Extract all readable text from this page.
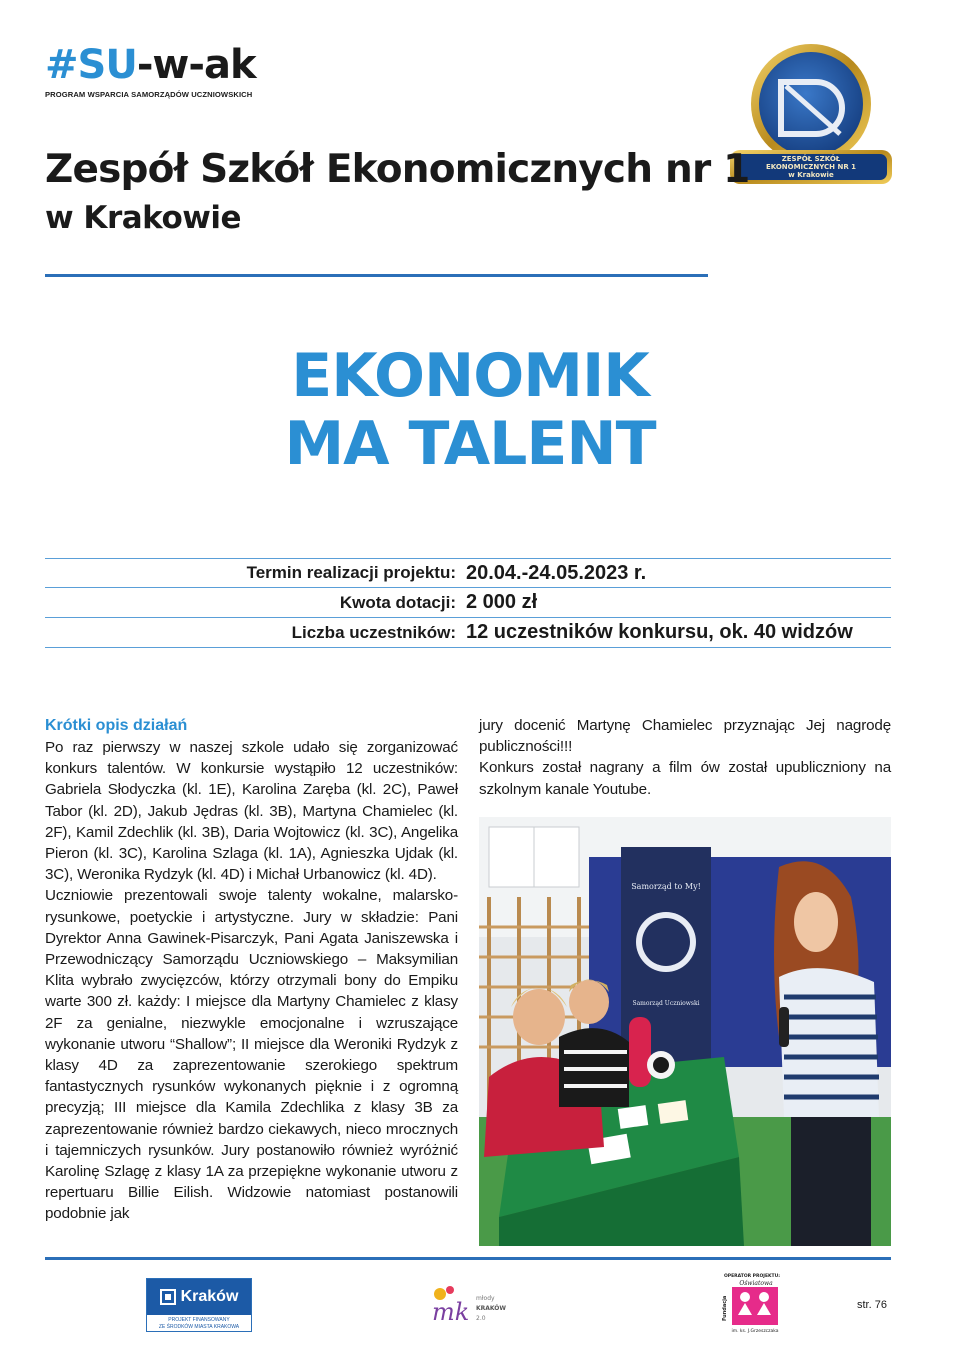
#SU-w-ak
PROGRAM WSPARCIA SAMORZĄDÓW UCZNIOWSKICH
ZESPÓŁ SZKÓŁ
EKONOMICZNYCH NR 1
w Krakowie
Zespół Szkół Ekonomicznych nr 1
w Krakowie
EKONOMIK
MA TALENT
Termin realizacji projektu: 20.04.-24.05.2023 r.
Kwota dotacji: 2 000 zł
Liczba uczestników: 12 uczestników konkursu, ok. 40 widzów
Krótki opis działań

Po raz pierwszy w naszej szkole udało się zorganizować konkurs talentów. W konkursie wystąpiło 12 uczestników: Gabriela Słodyczka (kl. 1E), Karolina Zaręba (kl. 2C), Paweł Tabor (kl. 2D), Jakub Jędras (kl. 3B), Martyna Chamielec (kl. 2F), Kamil Zdechlik (kl. 3B), Daria Wojtowicz (kl. 3C), Angelika Pieron (kl. 3C), Karolina Szlaga (kl. 1A), Agnieszka Ujdak (kl. 3C), Weronika Rydzyk (kl. 4D) i Michał Urbanowicz (kl. 4D).

Uczniowie prezentowali swoje talenty wokalne, malarsko-rysunkowe, poetyckie i artystyczne. Jury w składzie: Pani Dyrektor Anna Gawinek-Pisarczyk, Pani Agata Janiszewska i Przewodniczący Samorządu Uczniowskiego – Maksymilian Klita wybrało zwycięzców, którzy otrzymali bony do Empiku warte 300 zł. każdy: I miejsce dla Martyny Chamielec z klasy 2F za genialne, niezwykle emocjonalne i wzruszające wykonanie utworu “Shallow”; II miejsce dla Weroniki Rydzyk z klasy 4D za zaprezentowanie szerokiego spektrum fantastycznych rysunków wykonanych pięknie i z ogromną precyzją; III miejsce dla Kamila Zdechlika z klasy 3B za zaprezentowanie również bardzo ciekawych, nieco mrocznych i tajemniczych rysunków. Jury postanowiło również wyróżnić Karolinę Szlagę z klasy 1A za przepiękne wykonanie utworu z repertuaru Billie Eilish. Widzowie natomiast postanowili podobnie jak

jury docenić Martynę Chamielec przyznając Jej nagrodę publiczności!!!

Konkurs został nagrany a film ów został upubliczniony na szkolnym kanale Youtube.

Samorząd to My!
Samorząd Uczniowski
Kraków
PROJEKT FINANSOWANY
ZE ŚRODKÓW MIASTA KRAKOWA
mk młody
KRAKÓW
2.0
OPERATOR PROJEKTU:
Oświatowa
Fundacja
im. ks. J.Grzeszczaka
str. 76
